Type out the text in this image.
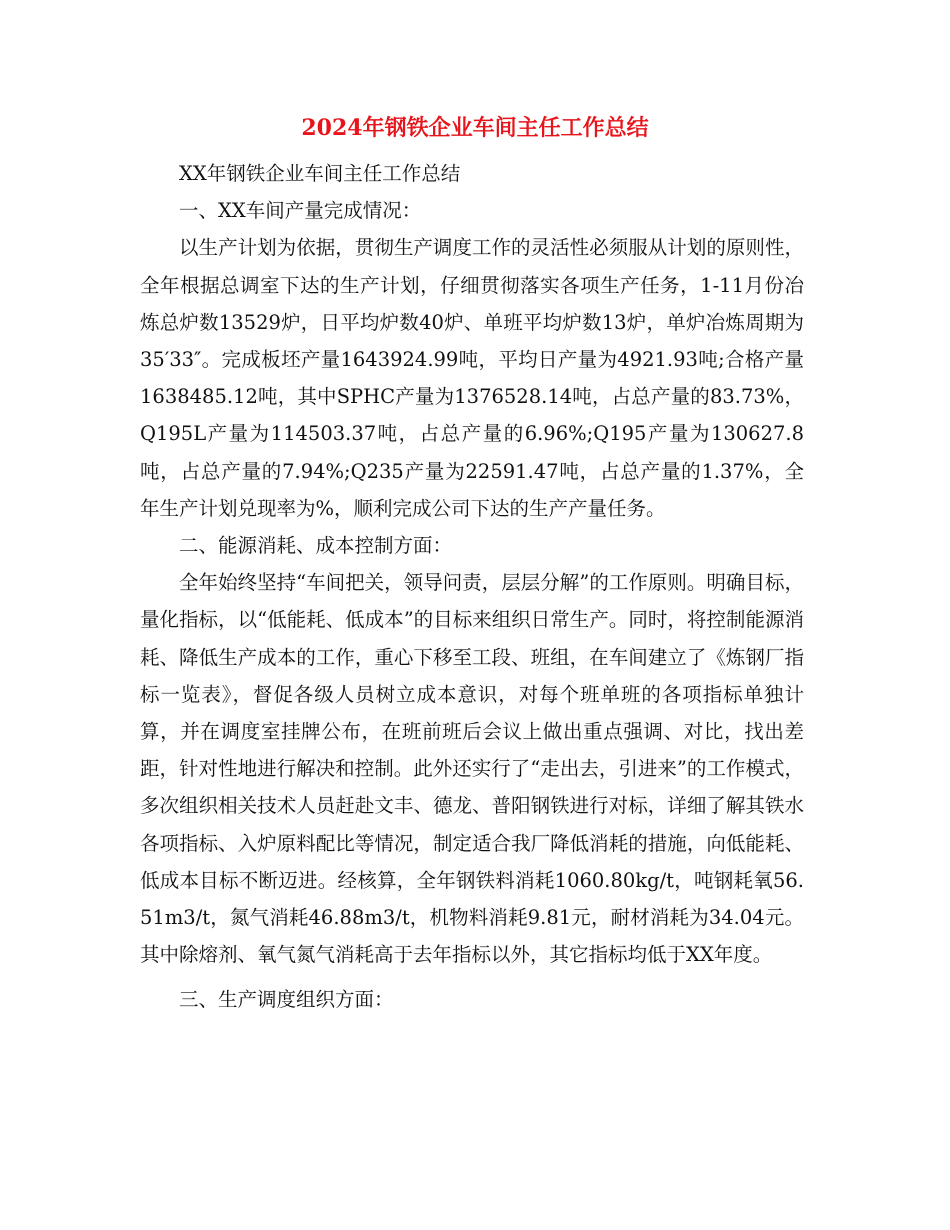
2024年钢铁企业车间主任工作总结

XX年钢铁企业车间主任工作总结

一、XX车间产量完成情况：

以生产计划为依据，贯彻生产调度工作的灵活性必须服从计划的原则性，全年根据总调室下达的生产计划，仔细贯彻落实各项生产任务，1-11月份冶炼总炉数13529炉，日平均炉数40炉、单班平均炉数13炉，单炉冶炼周期为35′33″。完成板坯产量1643924.99吨，平均日产量为4921.93吨;合格产量1638485.12吨，其中SPHC产量为1376528.14吨，占总产量的83.73%，Q195L产量为114503.37吨，占总产量的6.96%;Q195产量为130627.8吨，占总产量的7.94%;Q235产量为22591.47吨，占总产量的1.37%，全年生产计划兑现率为%，顺利完成公司下达的生产产量任务。

二、能源消耗、成本控制方面：

全年始终坚持“车间把关，领导问责，层层分解”的工作原则。明确目标，量化指标，以“低能耗、低成本”的目标来组织日常生产。同时，将控制能源消耗、降低生产成本的工作，重心下移至工段、班组，在车间建立了《炼钢厂指标一览表》，督促各级人员树立成本意识，对每个班单班的各项指标单独计算，并在调度室挂牌公布，在班前班后会议上做出重点强调、对比，找出差距，针对性地进行解决和控制。此外还实行了“走出去，引进来”的工作模式，多次组织相关技术人员赶赴文丰、德龙、普阳钢铁进行对标，详细了解其铁水各项指标、入炉原料配比等情况，制定适合我厂降低消耗的措施，向低能耗、低成本目标不断迈进。经核算，全年钢铁料消耗1060.80kg/t，吨钢耗氧56.51m3/t，氮气消耗46.88m3/t，机物料消耗9.81元，耐材消耗为34.04元。其中除熔剂、氧气氮气消耗高于去年指标以外，其它指标均低于XX年度。

三、生产调度组织方面：
